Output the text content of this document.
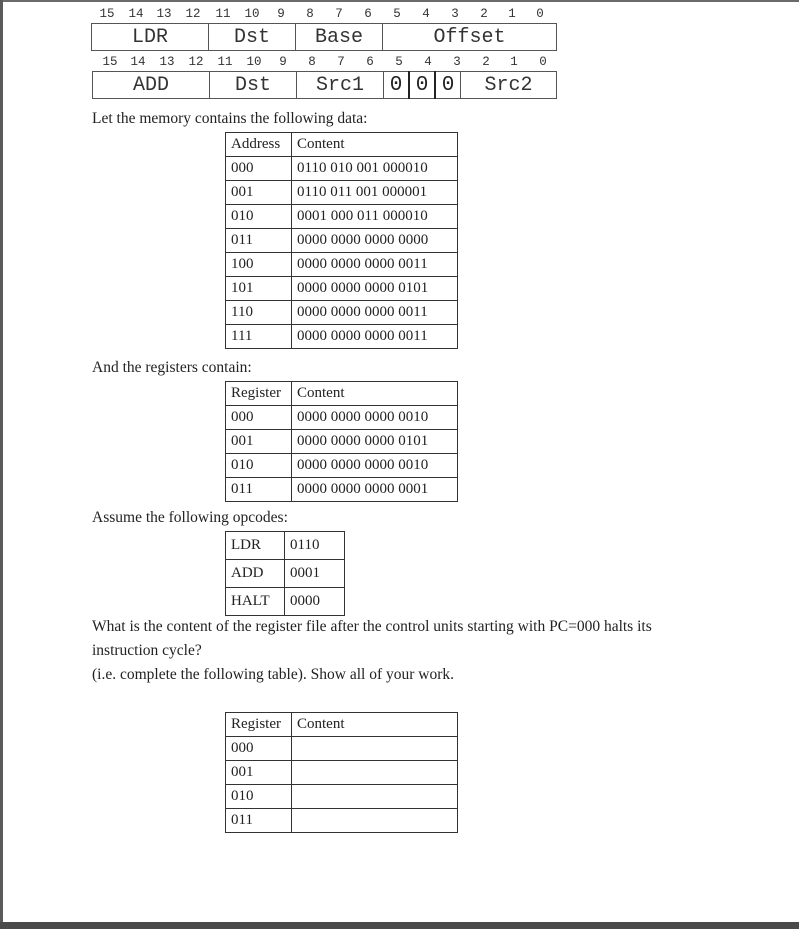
15 14 13 12 11 10 9 8 7 6 5 4 3 2 1 0
LDR	Dst	Base	Offset
15 14 13 12 11 10 9 8 7 6 5 4 3 2 1 0
ADD	Dst	Src1	0	0	0	Src2
Let the memory contains the following data:
Address	Content
000	0110 010 001 000010
001	0110 011 001 000001
010	0001 000 011 000010
011	0000 0000 0000 0000
100	0000 0000 0000 0011
101	0000 0000 0000 0101
110	0000 0000 0000 0011
111	0000 0000 0000 0011
And the registers contain:
Register	Content
000	0000 0000 0000 0010
001	0000 0000 0000 0101
010	0000 0000 0000 0010
011	0000 0000 0000 0001
Assume the following opcodes:
LDR	0110
ADD	0001
HALT	0000
What is the content of the register file after the control units starting with PC=000 halts its
instruction cycle?
(i.e. complete the following table). Show all of your work.
Register	Content
000	
001	
010	
011	
